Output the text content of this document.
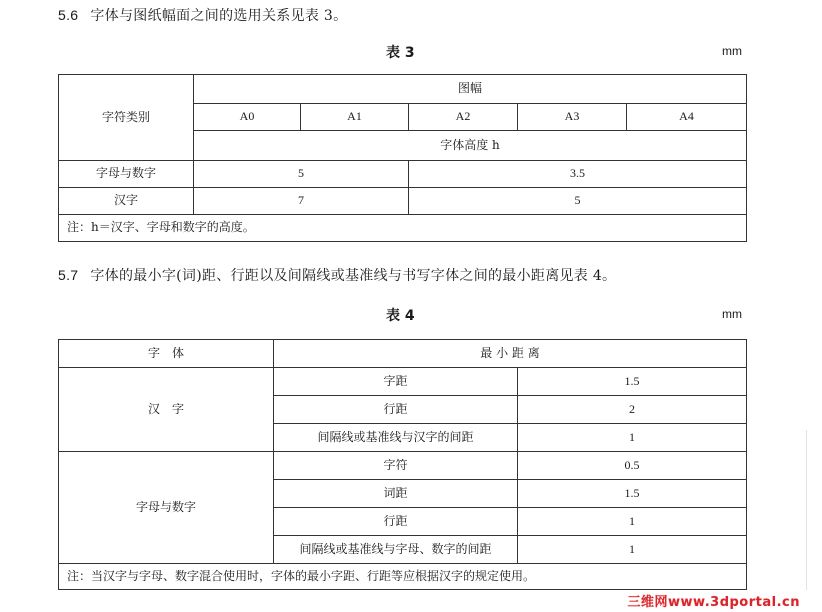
5.6 字体与图纸幅面之间的选用关系见表 3。
表 3	mm
字符类别	图幅				
	A0	A1	A2	A3	A4
	字体高度 h				
字母与数字	5		3.5		
汉字	7		5		
注：h＝汉字、字母和数字的高度。					
5.7 字体的最小字(词)距、行距以及间隔线或基准线与书写字体之间的最小距离见表 4。
表 4	mm
字　体	最 小 距 离	
汉　字	字距	1.5
	行距	2
	间隔线或基准线与汉字的间距	1
字母与数字	字符	0.5
	词距	1.5
	行距	1
	间隔线或基准线与字母、数字的间距	1
注：当汉字与字母、数字混合使用时，字体的最小字距、行距等应根据汉字的规定使用。		
三维网www.3dportal.cn
